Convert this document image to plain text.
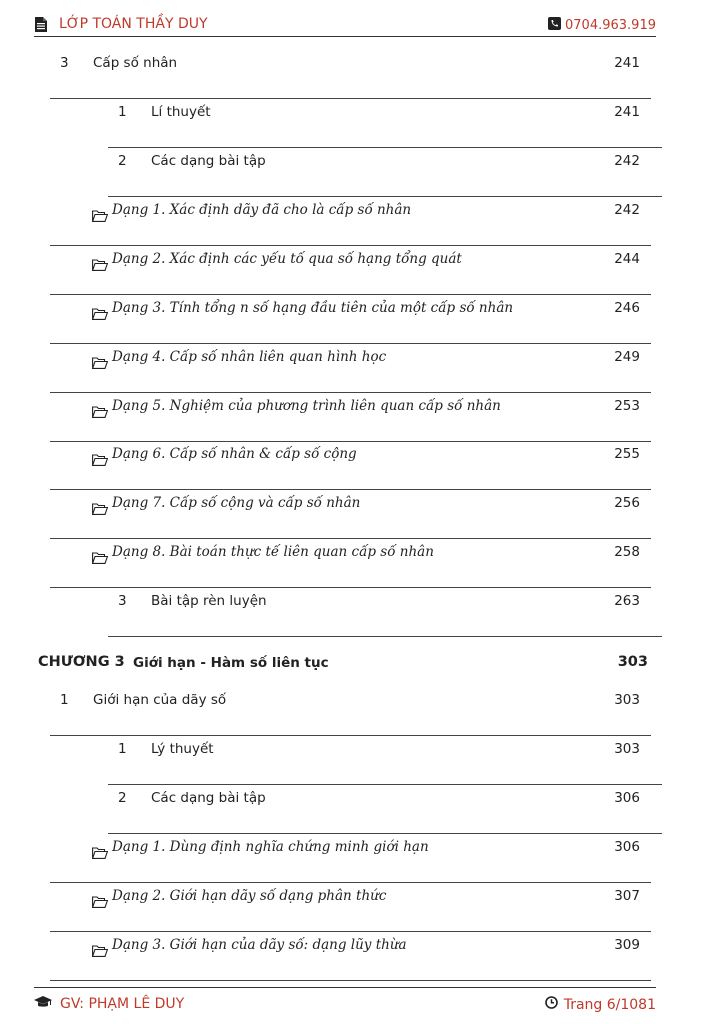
LỚP TOÁN THẦY DUY	0704.963.919
3 Cấp số nhân	241
1 Lí thuyết	241
2 Các dạng bài tập	242
Dạng 1. Xác định dãy đã cho là cấp số nhân	242
Dạng 2. Xác định các yếu tố qua số hạng tổng quát	244
Dạng 3. Tính tổng n số hạng đầu tiên của một cấp số nhân	246
Dạng 4. Cấp số nhân liên quan hình học	249
Dạng 5. Nghiệm của phương trình liên quan cấp số nhân	253
Dạng 6. Cấp số nhân & cấp số cộng	255
Dạng 7. Cấp số cộng và cấp số nhân	256
Dạng 8. Bài toán thực tế liên quan cấp số nhân	258
3 Bài tập rèn luyện	263
CHƯƠNG 3 Giới hạn - Hàm số liên tục	303
1 Giới hạn của dãy số	303
1 Lý thuyết	303
2 Các dạng bài tập	306
Dạng 1. Dùng định nghĩa chứng minh giới hạn	306
Dạng 2. Giới hạn dãy số dạng phân thức	307
Dạng 3. Giới hạn của dãy số: dạng lũy thừa	309
GV: PHẠM LÊ DUY	Trang 6/1081
